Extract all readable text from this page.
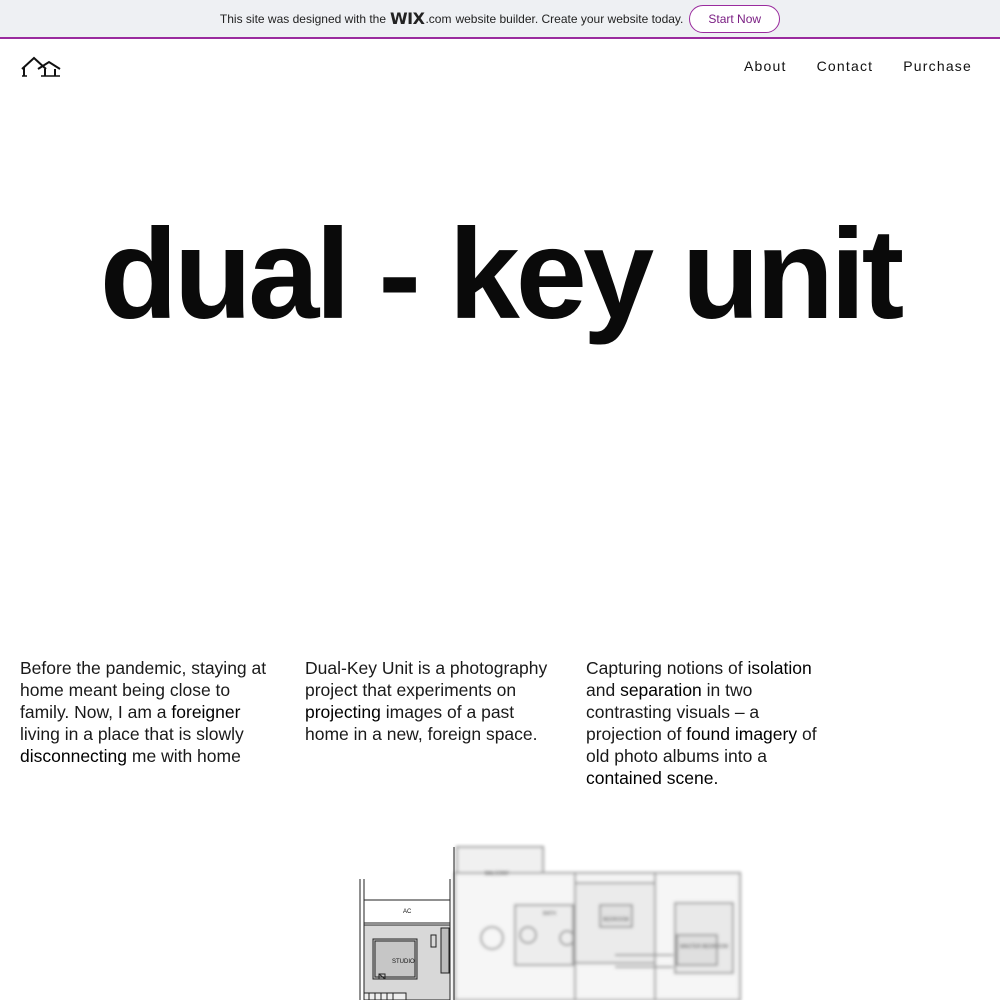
This site was designed with the WIX .com website builder. Create your website today.	Start Now
About Contact Purchase
dual - key unit
Before the pandemic, staying at home meant being close to family. Now, I am a foreigner living in a place that is slowly disconnecting me with home
Dual-Key Unit is a photography project that experiments on projecting images of a past home in a new, foreign space.
Capturing notions of isolation and separation in two contrasting visuals – a projection of found imagery of old photo albums into a contained scene.
BALCONY
BATH
BEDROOM
MASTER BEDROOM
AC
STUDIO
